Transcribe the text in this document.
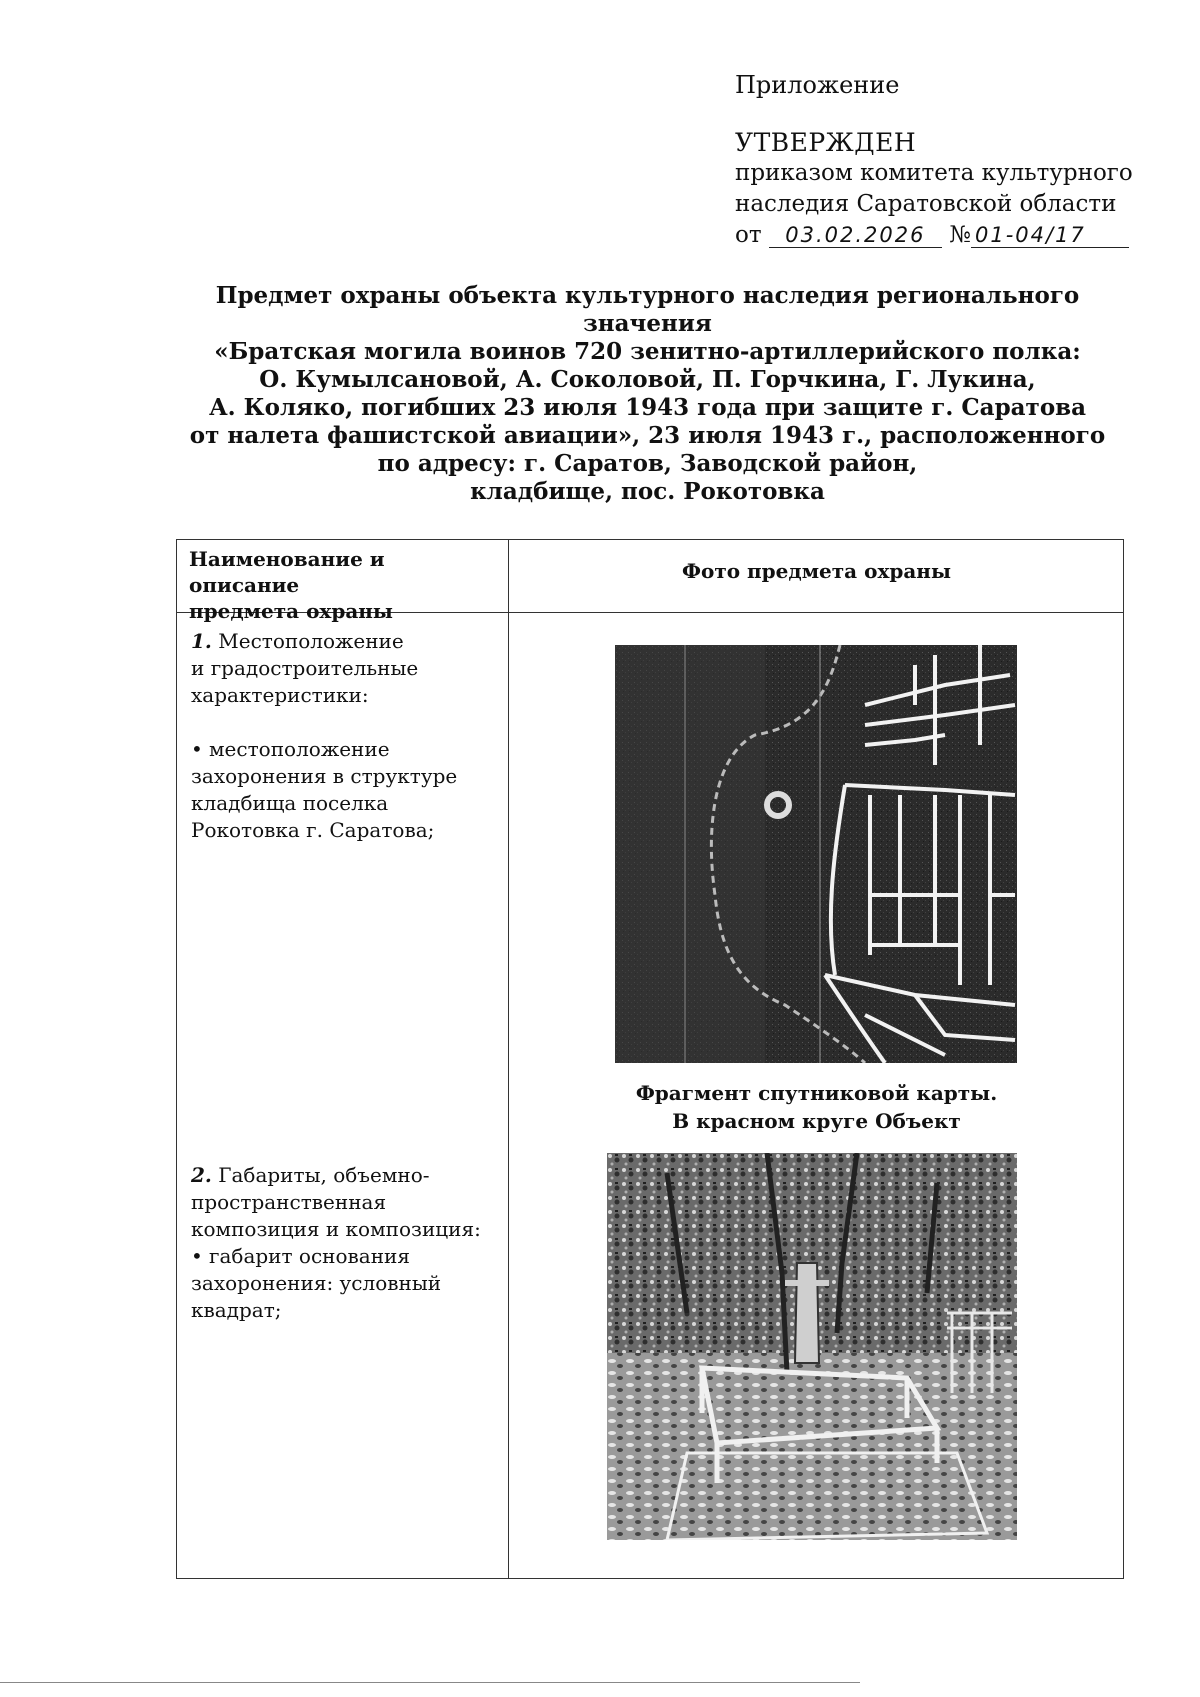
Приложение
УТВЕРЖДЕН
приказом комитета культурного
наследия Саратовской области
от 03.02.2026 № 01-04/17
Предмет охраны объекта культурного наследия регионального значения
«Братская могила воинов 720 зенитно-артиллерийского полка:
О. Кумылсановой, А. Соколовой, П. Горчкина, Г. Лукина,
А. Коляко, погибших 23 июля 1943 года при защите г. Саратова
от налета фашистской авиации», 23 июля 1943 г., расположенного
по адресу: г. Саратов, Заводской район,
кладбище, пос. Рокотовка
Наименование и описание
предмета охраны
Фото предмета охраны
1. Местоположение
и градостроительные
характеристики:
• местоположение
захоронения в структуре
кладбища поселка
Рокотовка г. Саратова;
Фрагмент спутниковой карты.
В красном круге Объект
2. Габариты, объемно-
пространственная
композиция и композиция:
• габарит основания
захоронения: условный
квадрат;
